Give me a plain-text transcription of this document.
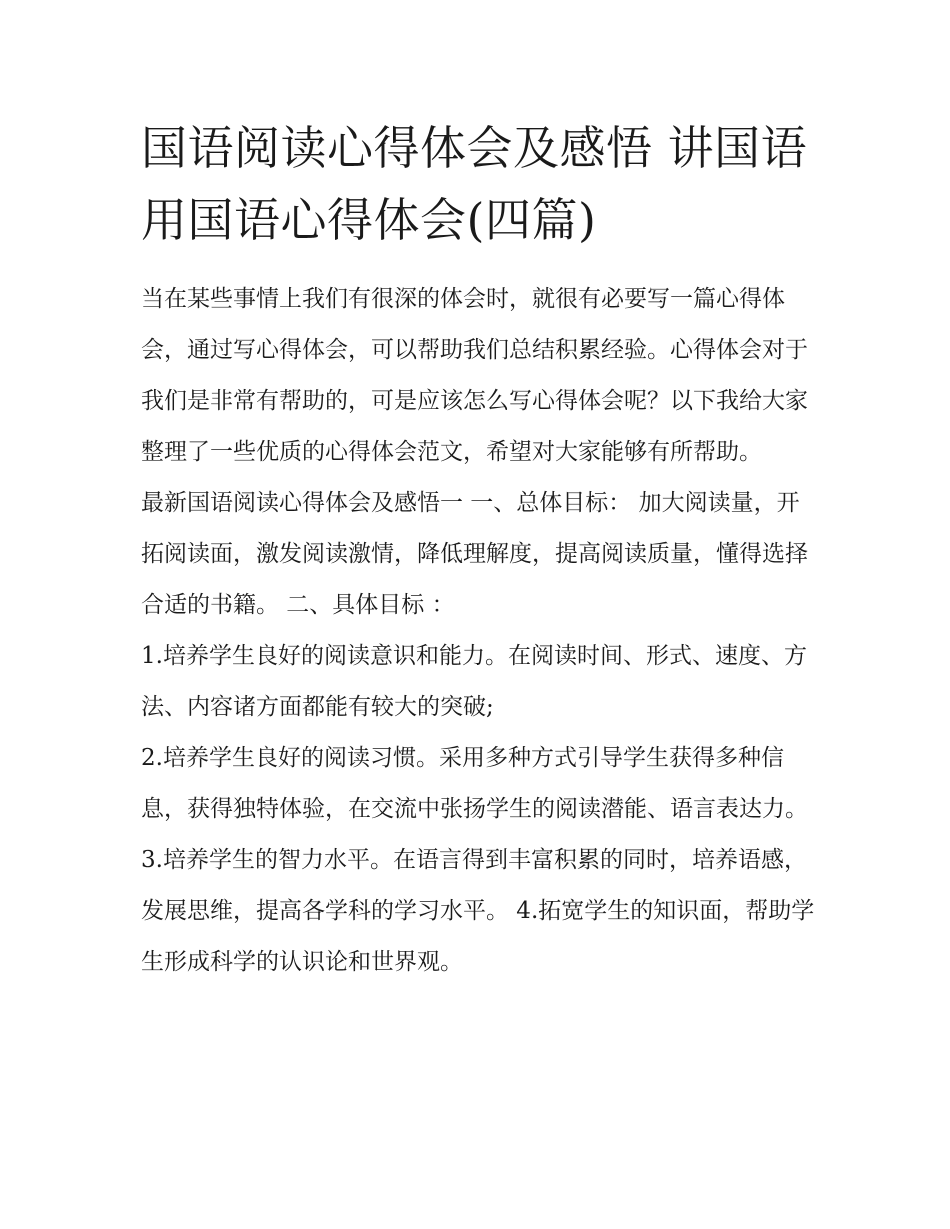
国语阅读心得体会及感悟 讲国语用国语心得体会(四篇)

当在某些事情上我们有很深的体会时，就很有必要写一篇心得体会，通过写心得体会，可以帮助我们总结积累经验。心得体会对于我们是非常有帮助的，可是应该怎么写心得体会呢？以下我给大家整理了一些优质的心得体会范文，希望对大家能够有所帮助。

最新国语阅读心得体会及感悟一 一、总体目标： 加大阅读量，开拓阅读面，激发阅读激情，降低理解度，提高阅读质量，懂得选择合适的书籍。 二、具体目标 ：

1.培养学生良好的阅读意识和能力。在阅读时间、形式、速度、方法、内容诸方面都能有较大的突破;

2.培养学生良好的阅读习惯。采用多种方式引导学生获得多种信息，获得独特体验，在交流中张扬学生的阅读潜能、语言表达力。

3.培养学生的智力水平。在语言得到丰富积累的同时，培养语感，发展思维，提高各学科的学习水平。 4.拓宽学生的知识面，帮助学生形成科学的认识论和世界观。
